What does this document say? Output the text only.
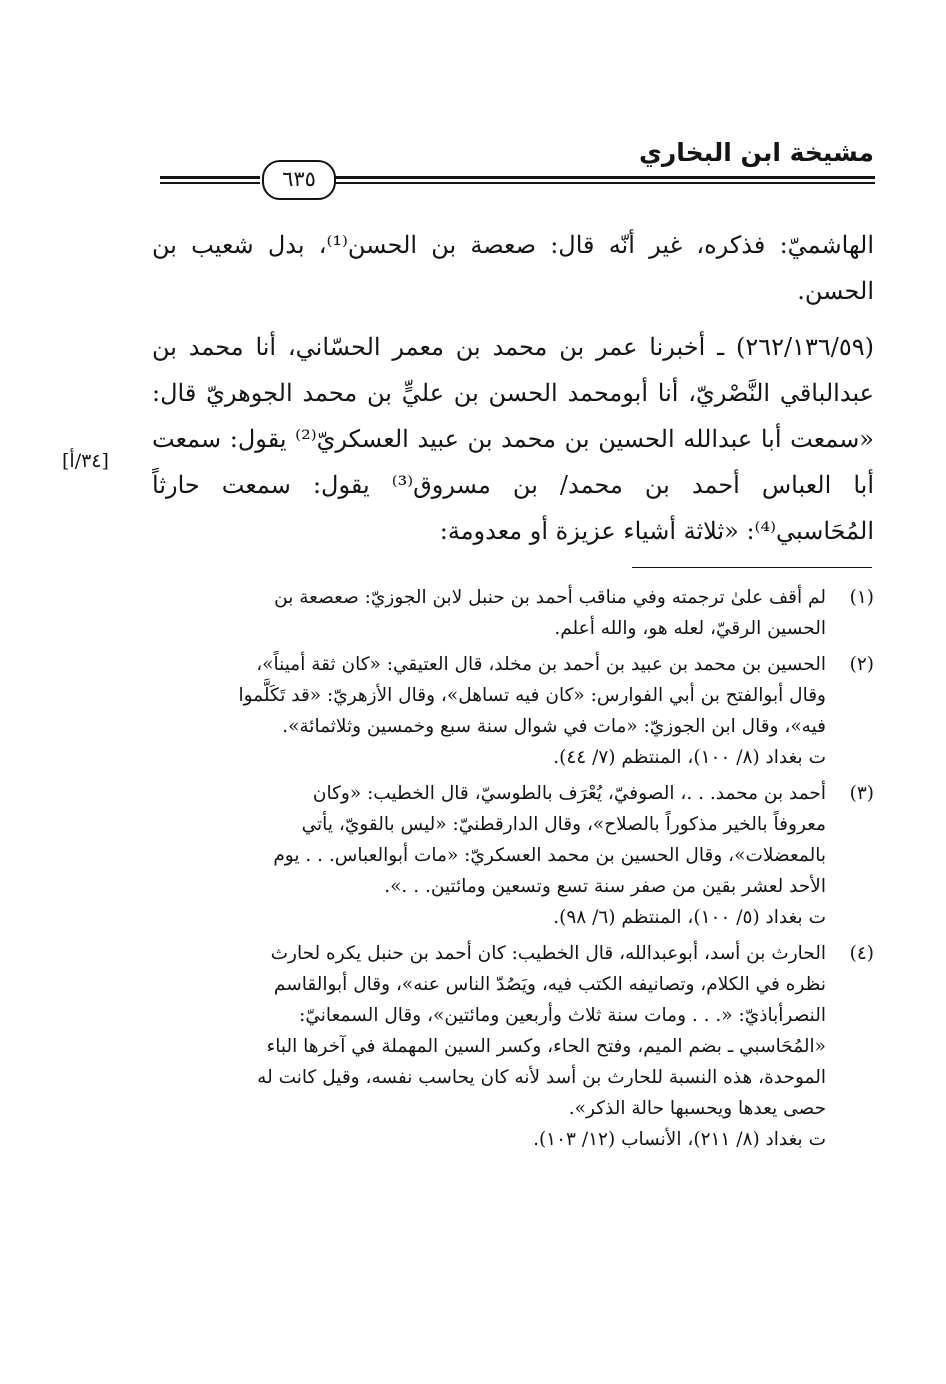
مشيخة ابن البخاري
٦٣٥

الهاشميّ: فذكره، غير أنّه قال: صعصة بن الحسن⁽¹⁾، بدل شعيب بن الحسن.

(٢٦٢/١٣٦/٥٩) ـ أخبرنا عمر بن محمد بن معمر الحسّاني، أنا محمد بن عبدالباقي النَّصْريّ، أنا أبومحمد الحسن بن عليٍّ بن محمد الجوهريّ قال: «سمعت أبا عبدالله الحسين بن محمد بن عبيد العسكريّ⁽²⁾ يقول: سمعت أبا العباس أحمد بن محمد/ بن مسروق⁽³⁾ يقول: سمعت حارثاً المُحَاسبي⁽⁴⁾: «ثلاثة أشياء عزيزة أو معدومة:

[٣٤/أ]
(١)
لم أقف علىٰ ترجمته وفي مناقب أحمد بن حنبل لابن الجوزيّ: صعصعة بن
الحسين الرقيّ، لعله هو، والله أعلم.
(٢)
الحسين بن محمد بن عبيد بن أحمد بن مخلد، قال العتيقي: «كان ثقة أميناً»،
وقال أبوالفتح بن أبي الفوارس: «كان فيه تساهل»، وقال الأزهريّ: «قد تَكَلَّموا
فيه»، وقال ابن الجوزيّ: «مات في شوال سنة سبع وخمسين وثلاثمائة».
ت بغداد (٨/ ١٠٠)، المنتظم (٧/ ٤٤).
(٣)
أحمد بن محمد. . .، الصوفيّ، يُعْرَف بالطوسيّ، قال الخطيب: «وكان
معروفاً بالخير مذكوراً بالصلاح»، وقال الدارقطنيّ: «ليس بالقويّ، يأتي
بالمعضلات»، وقال الحسين بن محمد العسكريّ: «مات أبوالعباس. . . يوم
الأحد لعشر بقين من صفر سنة تسع وتسعين ومائتين. . .».
ت بغداد (٥/ ١٠٠)، المنتظم (٦/ ٩٨).
(٤)
الحارث بن أسد، أبوعبدالله، قال الخطيب: كان أحمد بن حنبل يكره لحارث
نظره في الكلام، وتصانيفه الكتب فيه، ويَصُدّ الناس عنه»، وقال أبوالقاسم
النصرأباذيّ: «. . . ومات سنة ثلاث وأربعين ومائتين»، وقال السمعانيّ:
«المُحَاسبي ـ بضم الميم، وفتح الحاء، وكسر السين المهملة في آخرها الباء
الموحدة، هذه النسبة للحارث بن أسد لأنه كان يحاسب نفسه، وقيل كانت له
حصى يعدها ويحسبها حالة الذكر».
ت بغداد (٨/ ٢١١)، الأنساب (١٢/ ١٠٣).
